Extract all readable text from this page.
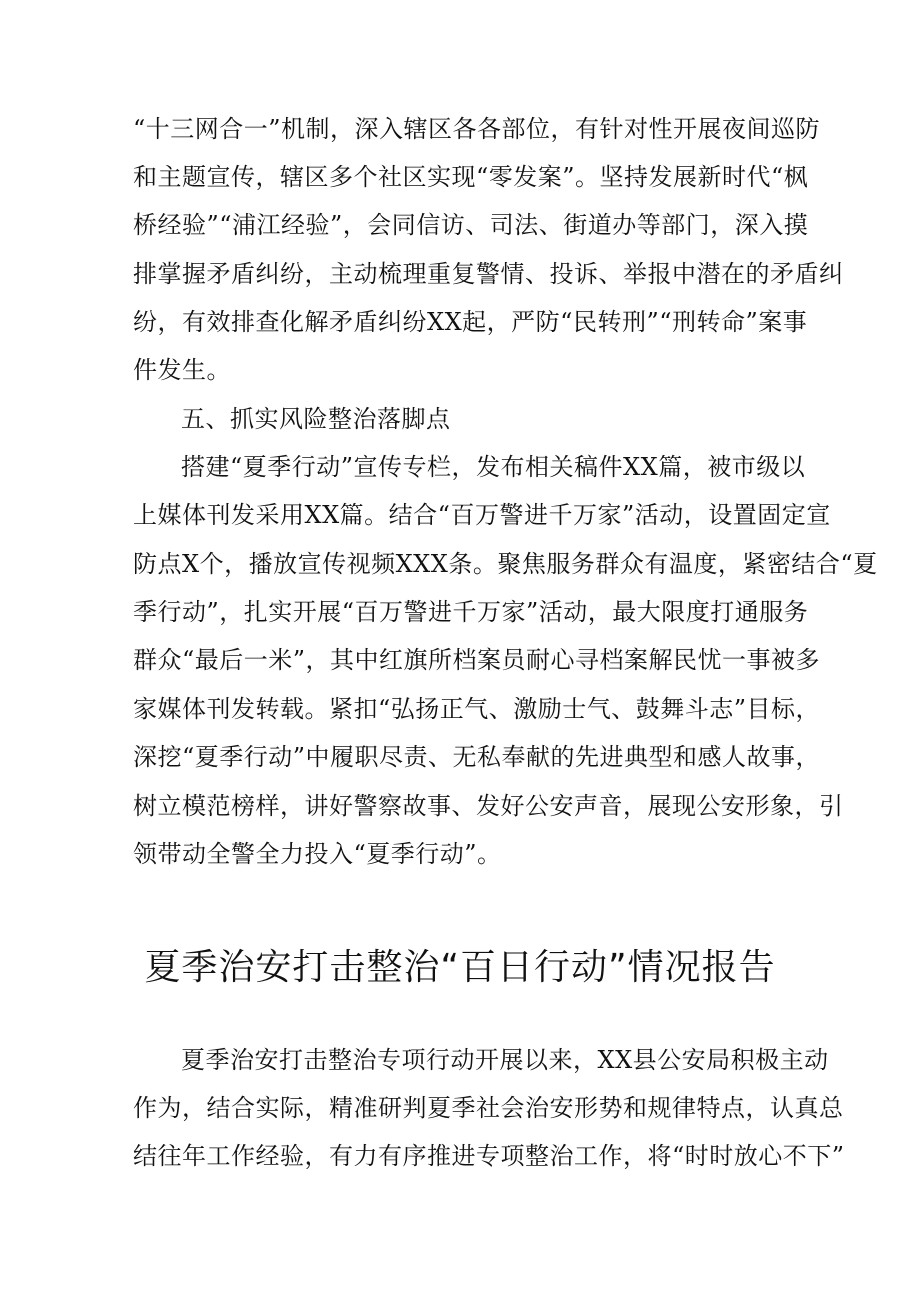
“十三网合一”机制，深入辖区各各部位，有针对性开展夜间巡防
和主题宣传，辖区多个社区实现“零发案”。坚持发展新时代“枫
桥经验”“浦江经验”，会同信访、司法、街道办等部门，深入摸
排掌握矛盾纠纷，主动梳理重复警情、投诉、举报中潜在的矛盾纠
纷，有效排查化解矛盾纠纷XX起，严防“民转刑”“刑转命”案事
件发生。
五、抓实风险整治落脚点
搭建“夏季行动”宣传专栏，发布相关稿件XX篇，被市级以
上媒体刊发采用XX篇。结合“百万警进千万家”活动，设置固定宣
防点X个，播放宣传视频XXX条。聚焦服务群众有温度，紧密结合“夏
季行动”，扎实开展“百万警进千万家”活动，最大限度打通服务
群众“最后一米”，其中红旗所档案员耐心寻档案解民忧一事被多
家媒体刊发转载。紧扣“弘扬正气、激励士气、鼓舞斗志”目标，
深挖“夏季行动”中履职尽责、无私奉献的先进典型和感人故事，
树立模范榜样，讲好警察故事、发好公安声音，展现公安形象，引
领带动全警全力投入“夏季行动”。
夏季治安打击整治“百日行动”情况报告
夏季治安打击整治专项行动开展以来，XX县公安局积极主动
作为，结合实际，精准研判夏季社会治安形势和规律特点，认真总
结往年工作经验，有力有序推进专项整治工作，将“时时放心不下”
